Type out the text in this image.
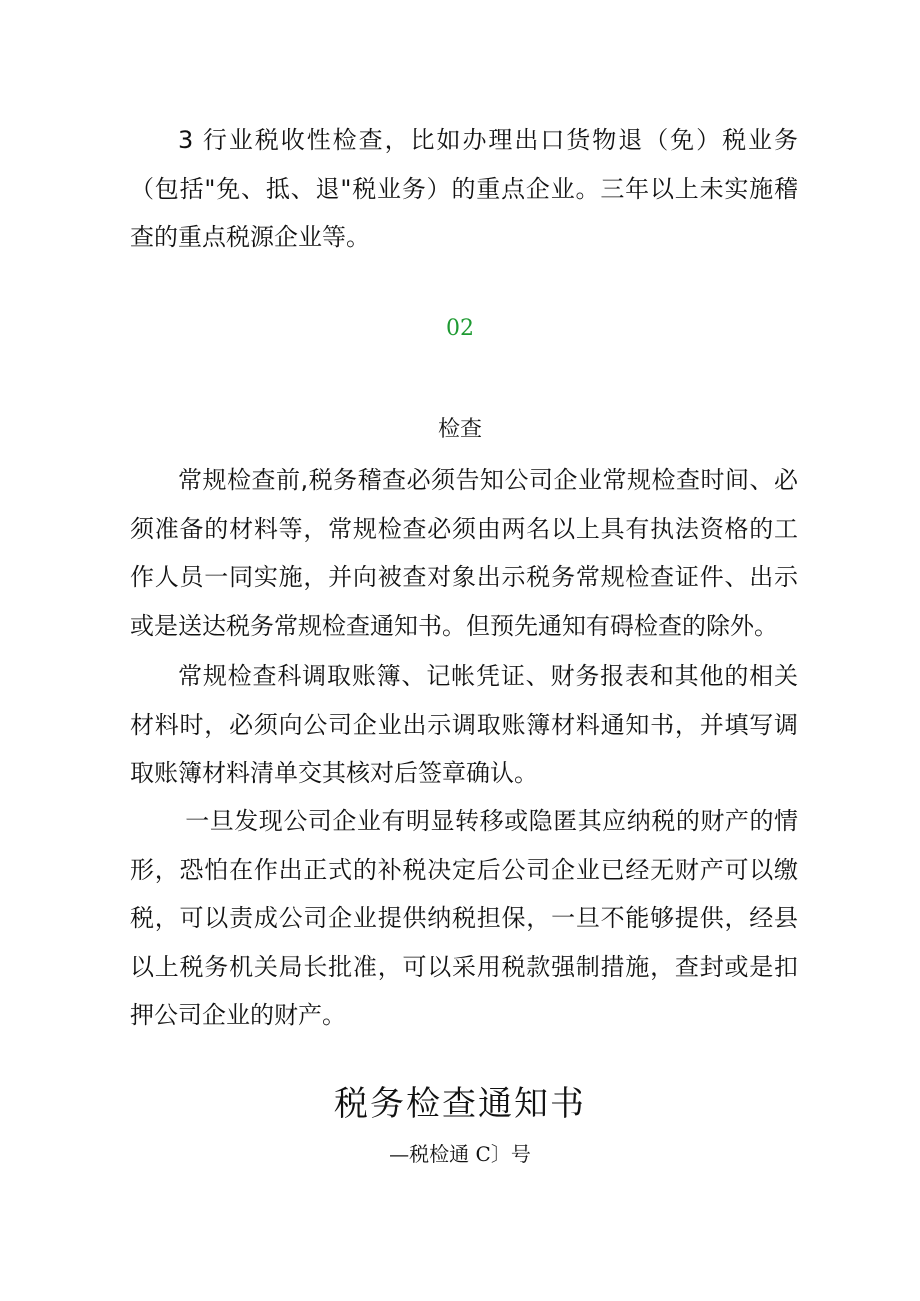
3 行业税收性检查，比如办理出口货物退（免）税业务（包括"免、抵、退"税业务）的重点企业。三年以上未实施稽查的重点税源企业等。

02

检查

常规检查前,税务稽查必须告知公司企业常规检查时间、必须准备的材料等，常规检查必须由两名以上具有执法资格的工作人员一同实施，并向被查对象出示税务常规检查证件、出示或是送达税务常规检查通知书。但预先通知有碍检查的除外。

常规检查科调取账簿、记帐凭证、财务报表和其他的相关材料时，必须向公司企业出示调取账簿材料通知书，并填写调取账簿材料清单交其核对后签章确认。

一旦发现公司企业有明显转移或隐匿其应纳税的财产的情形，恐怕在作出正式的补税决定后公司企业已经无财产可以缴税，可以责成公司企业提供纳税担保，一旦不能够提供，经县以上税务机关局长批准，可以采用税款强制措施，查封或是扣押公司企业的财产。

税务检查通知书

—税检通 C〕号
